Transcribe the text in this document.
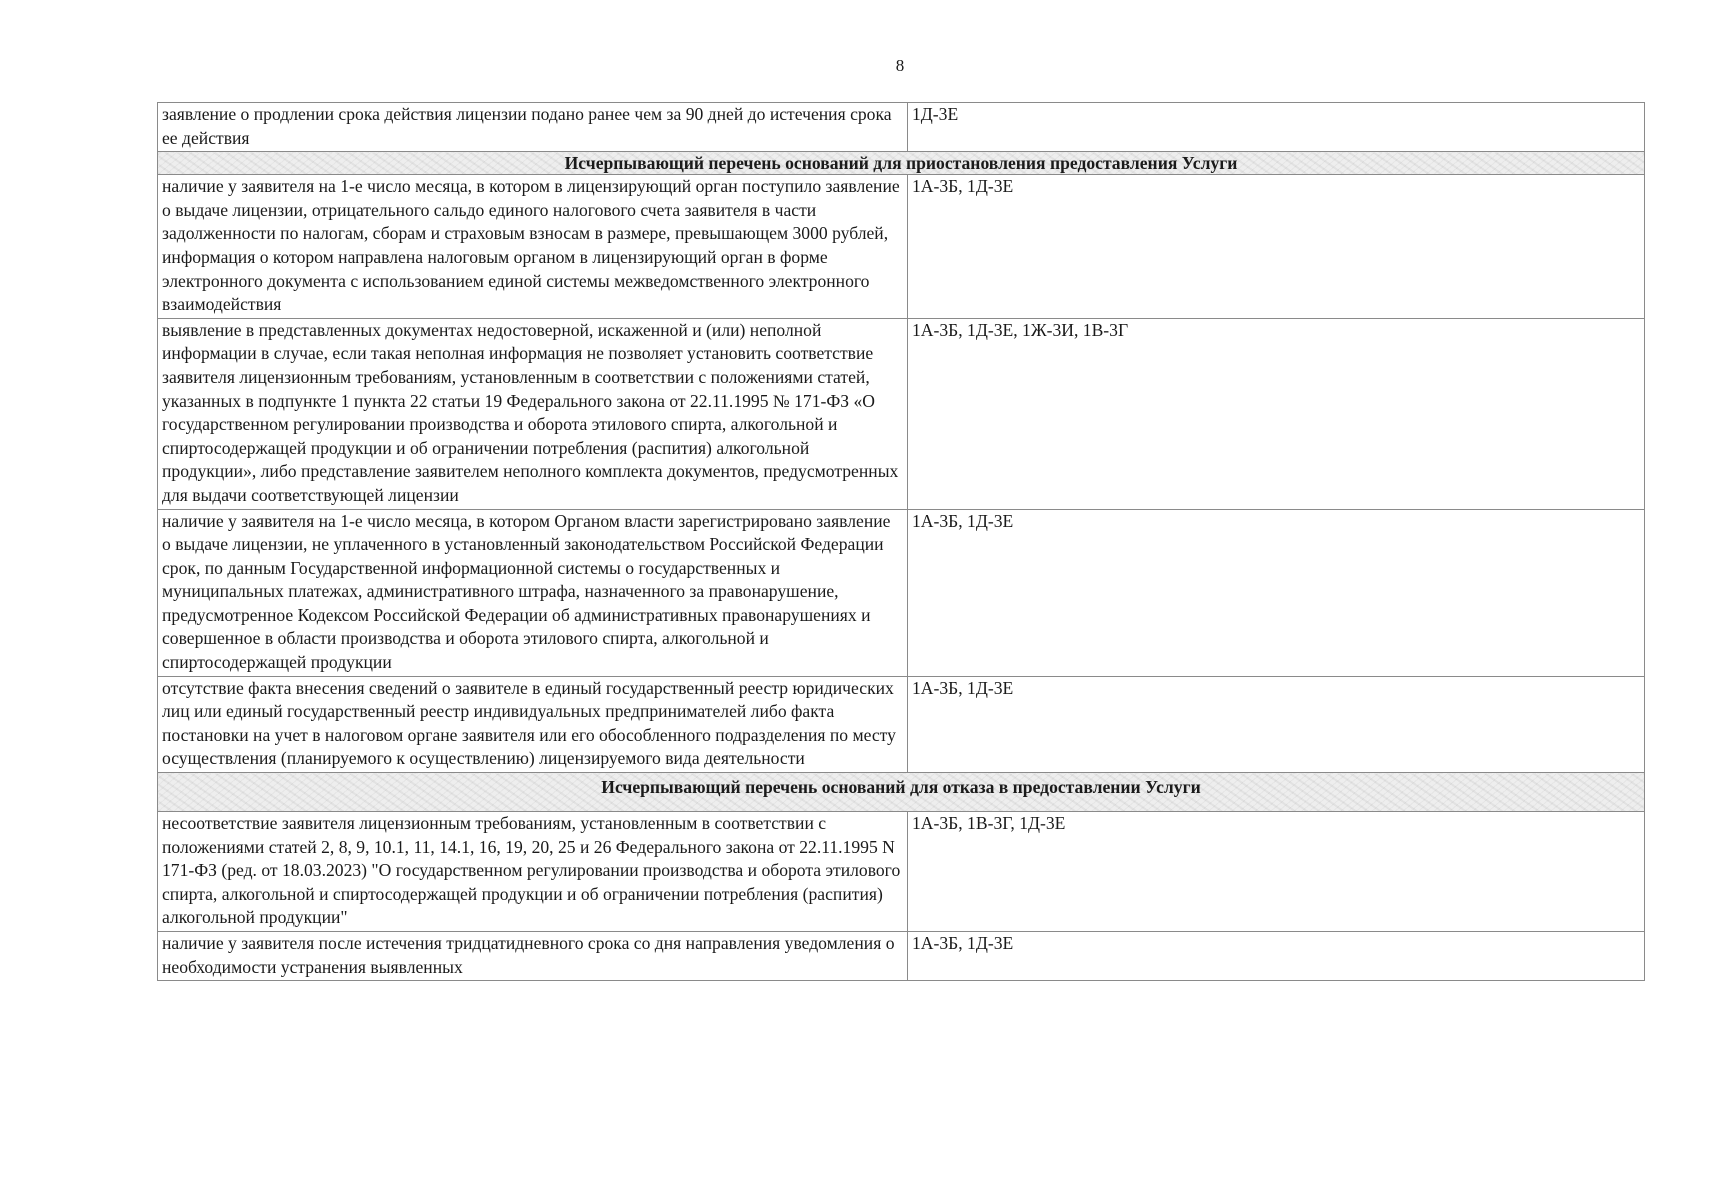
8
заявление о продлении срока действия лицензии подано ранее чем за 90 дней до истечения срока ее действия	1Д-3Е
Исчерпывающий перечень оснований для приостановления предоставления Услуги	
наличие у заявителя на 1-е число месяца, в котором в лицензирующий орган поступило заявление о выдаче лицензии, отрицательного сальдо единого налогового счета заявителя в части задолженности по налогам, сборам и страховым взносам в размере, превышающем 3000 рублей, информация о котором направлена налоговым органом в лицензирующий орган в форме электронного документа с использованием единой системы межведомственного электронного взаимодействия	1А-3Б, 1Д-3Е
выявление в представленных документах недостоверной, искаженной и (или) неполной информации в случае, если такая неполная информация не позволяет установить соответствие заявителя лицензионным требованиям, установленным в соответствии с положениями статей, указанных в подпункте 1 пункта 22 статьи 19 Федерального закона от 22.11.1995 № 171-ФЗ «О государственном регулировании производства и оборота этилового спирта, алкогольной и спиртосодержащей продукции и об ограничении потребления (распития) алкогольной продукции», либо представление заявителем неполного комплекта документов, предусмотренных для выдачи соответствующей лицензии	1А-3Б, 1Д-3Е, 1Ж-3И, 1В-3Г
наличие у заявителя на 1-е число месяца, в котором Органом власти зарегистрировано заявление о выдаче лицензии, не уплаченного в установленный законодательством Российской Федерации срок, по данным Государственной информационной системы о государственных и муниципальных платежах, административного штрафа, назначенного за правонарушение, предусмотренное Кодексом Российской Федерации об административных правонарушениях и совершенное в области производства и оборота этилового спирта, алкогольной и спиртосодержащей продукции	1А-3Б, 1Д-3Е
отсутствие факта внесения сведений о заявителе в единый государственный реестр юридических лиц или единый государственный реестр индивидуальных предпринимателей либо факта постановки на учет в налоговом органе заявителя или его обособленного подразделения по месту осуществления (планируемого к осуществлению) лицензируемого вида деятельности	1А-3Б, 1Д-3Е
Исчерпывающий перечень оснований для отказа в предоставлении Услуги	
несоответствие заявителя лицензионным требованиям, установленным в соответствии с положениями статей 2, 8, 9, 10.1, 11, 14.1, 16, 19, 20, 25 и 26 Федерального закона от 22.11.1995 N 171-ФЗ (ред. от 18.03.2023) "О государственном регулировании производства и оборота этилового спирта, алкогольной и спиртосодержащей продукции и об ограничении потребления (распития) алкогольной продукции"	1А-3Б, 1В-3Г, 1Д-3Е
наличие у заявителя после истечения тридцатидневного срока со дня направления уведомления о необходимости устранения выявленных	1А-3Б, 1Д-3Е
